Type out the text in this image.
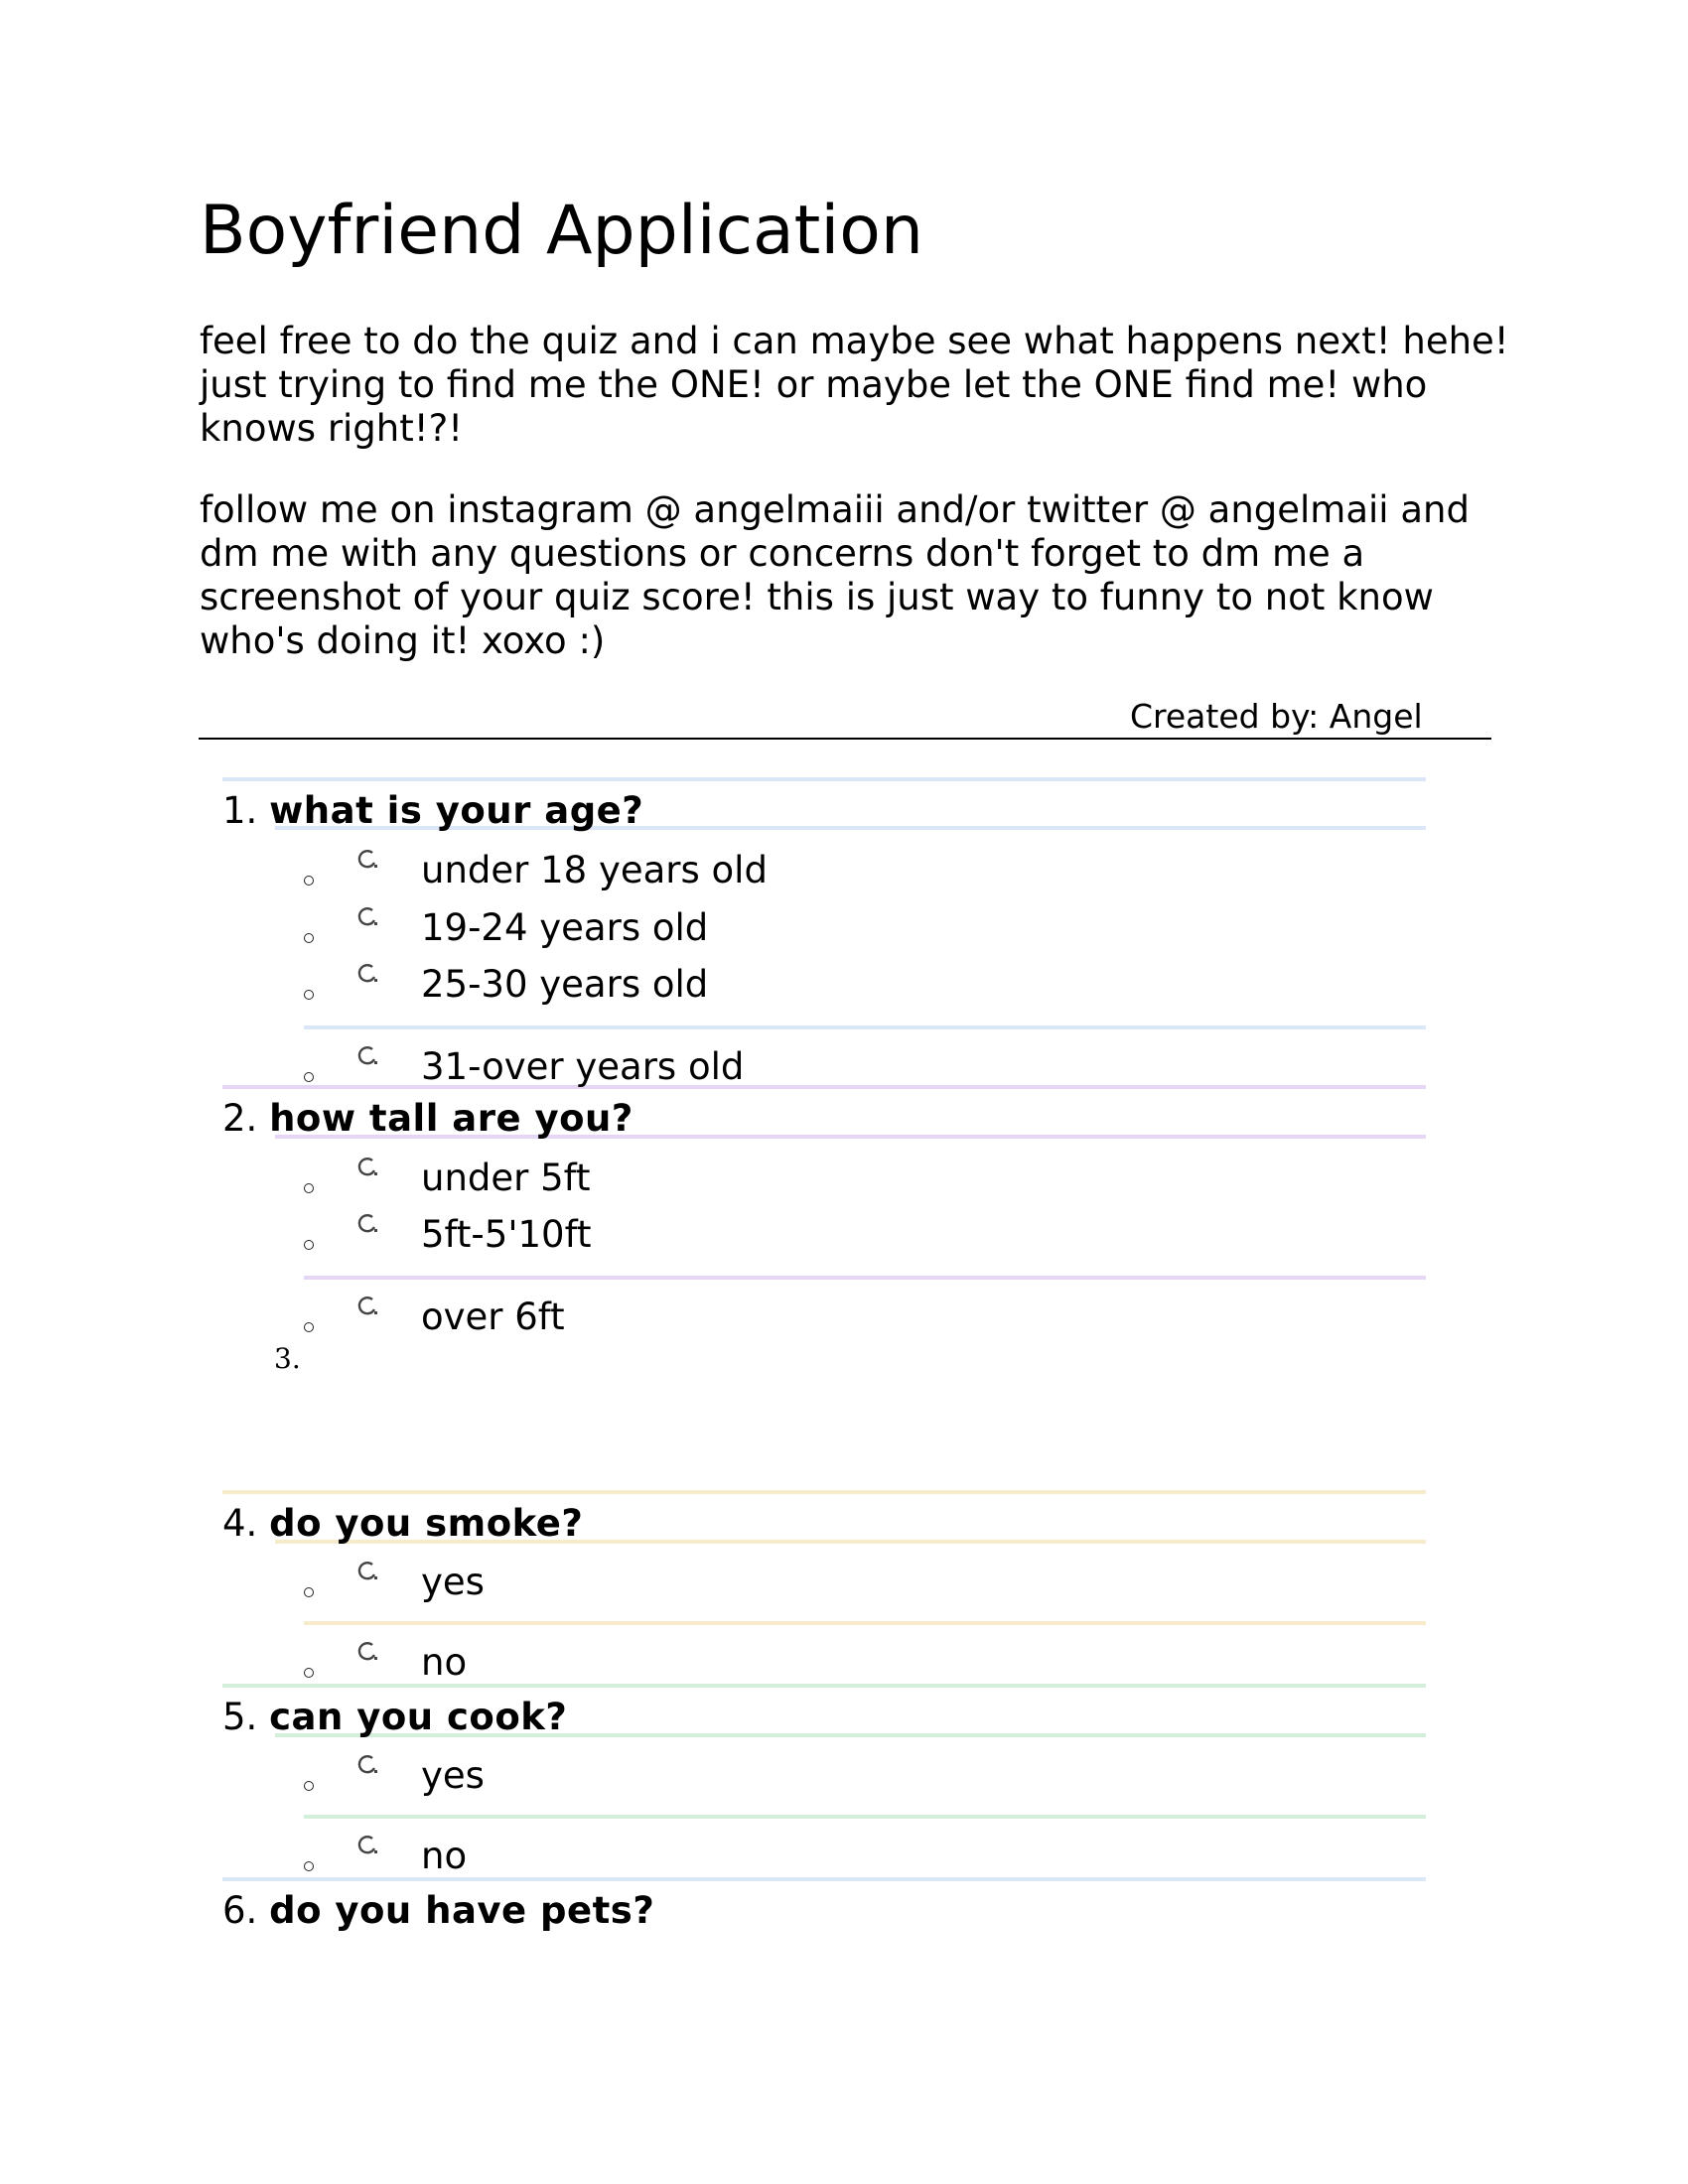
Boyfriend Application

feel free to do the quiz and i can maybe see what happens next! hehe! just trying to find me the ONE! or maybe let the ONE find me! who knows right!?!

follow me on instagram @ angelmaiii and/or twitter @ angelmaii and dm me with any questions or concerns don't forget to dm me a screenshot of your quiz score! this is just way to funny to not know who's doing it! xoxo :)

Created by: Angel
1. what is your age?
under 18 years old
19-24 years old
25-30 years old
31-over years old
2. how tall are you?
under 5ft
5ft-5'10ft
over 6ft
3.
4. do you smoke?
yes
no
5. can you cook?
yes
no
6. do you have pets?
